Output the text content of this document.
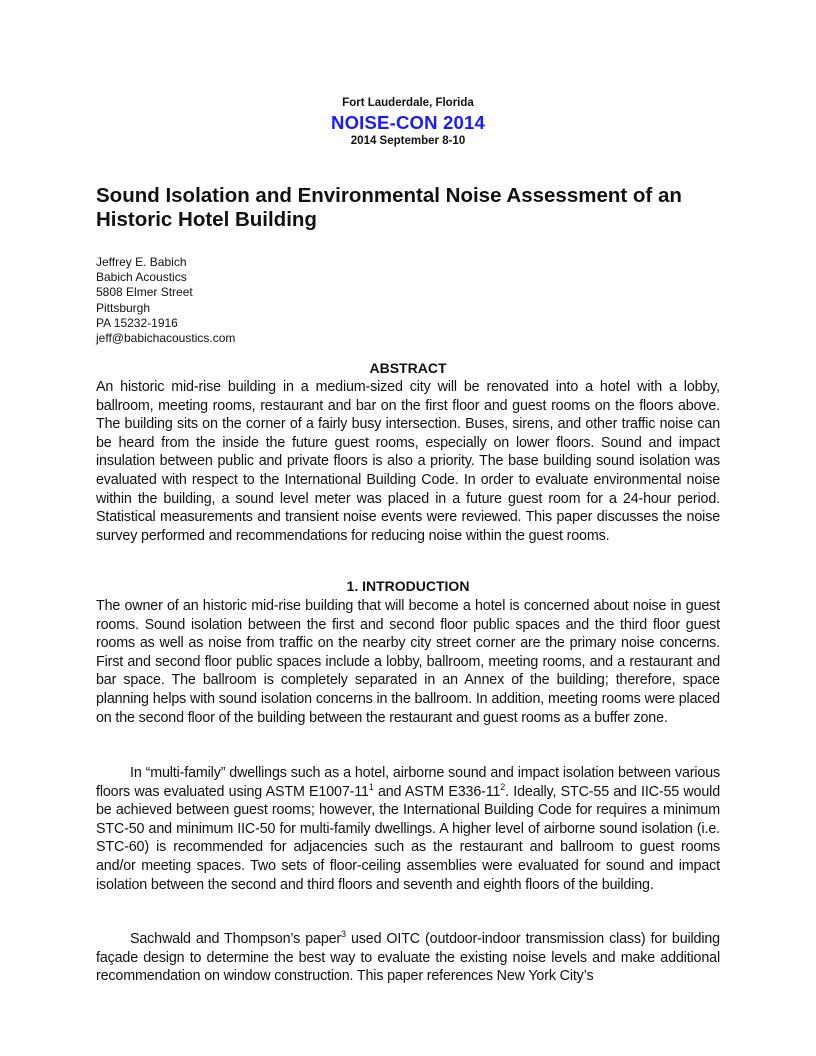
Fort Lauderdale, Florida
NOISE-CON 2014
2014 September 8-10
Sound Isolation and Environmental Noise Assessment of an Historic Hotel Building
Jeffrey E. Babich
Babich Acoustics
5808 Elmer Street
Pittsburgh
PA 15232-1916
jeff@babichacoustics.com
ABSTRACT

An historic mid-rise building in a medium-sized city will be renovated into a hotel with a lobby, ballroom, meeting rooms, restaurant and bar on the first floor and guest rooms on the floors above. The building sits on the corner of a fairly busy intersection. Buses, sirens, and other traffic noise can be heard from the inside the future guest rooms, especially on lower floors. Sound and impact insulation between public and private floors is also a priority. The base building sound isolation was evaluated with respect to the International Building Code. In order to evaluate environmental noise within the building, a sound level meter was placed in a future guest room for a 24-hour period. Statistical measurements and transient noise events were reviewed. This paper discusses the noise survey performed and recommendations for reducing noise within the guest rooms.

1. INTRODUCTION

The owner of an historic mid-rise building that will become a hotel is concerned about noise in guest rooms. Sound isolation between the first and second floor public spaces and the third floor guest rooms as well as noise from traffic on the nearby city street corner are the primary noise concerns. First and second floor public spaces include a lobby, ballroom, meeting rooms, and a restaurant and bar space. The ballroom is completely separated in an Annex of the building; therefore, space planning helps with sound isolation concerns in the ballroom. In addition, meeting rooms were placed on the second floor of the building between the restaurant and guest rooms as a buffer zone.

In “multi-family” dwellings such as a hotel, airborne sound and impact isolation between various floors was evaluated using ASTM $E1007-11^1$ and ASTM $E336-11^2$. Ideally, STC-55 and IIC-55 would be achieved between guest rooms; however, the International Building Code for requires a minimum STC-50 and minimum IIC-50 for multi-family dwellings. A higher level of airborne sound isolation (i.e. STC-60) is recommended for adjacencies such as the restaurant and ballroom to guest rooms and/or meeting spaces. Two sets of floor-ceiling assemblies were evaluated for sound and impact isolation between the second and third floors and seventh and eighth floors of the building.

Sachwald and Thompson’s paper$^3$ used OITC (outdoor-indoor transmission class) for building façade design to determine the best way to evaluate the existing noise levels and make additional recommendation on window construction. This paper references New York City’s
